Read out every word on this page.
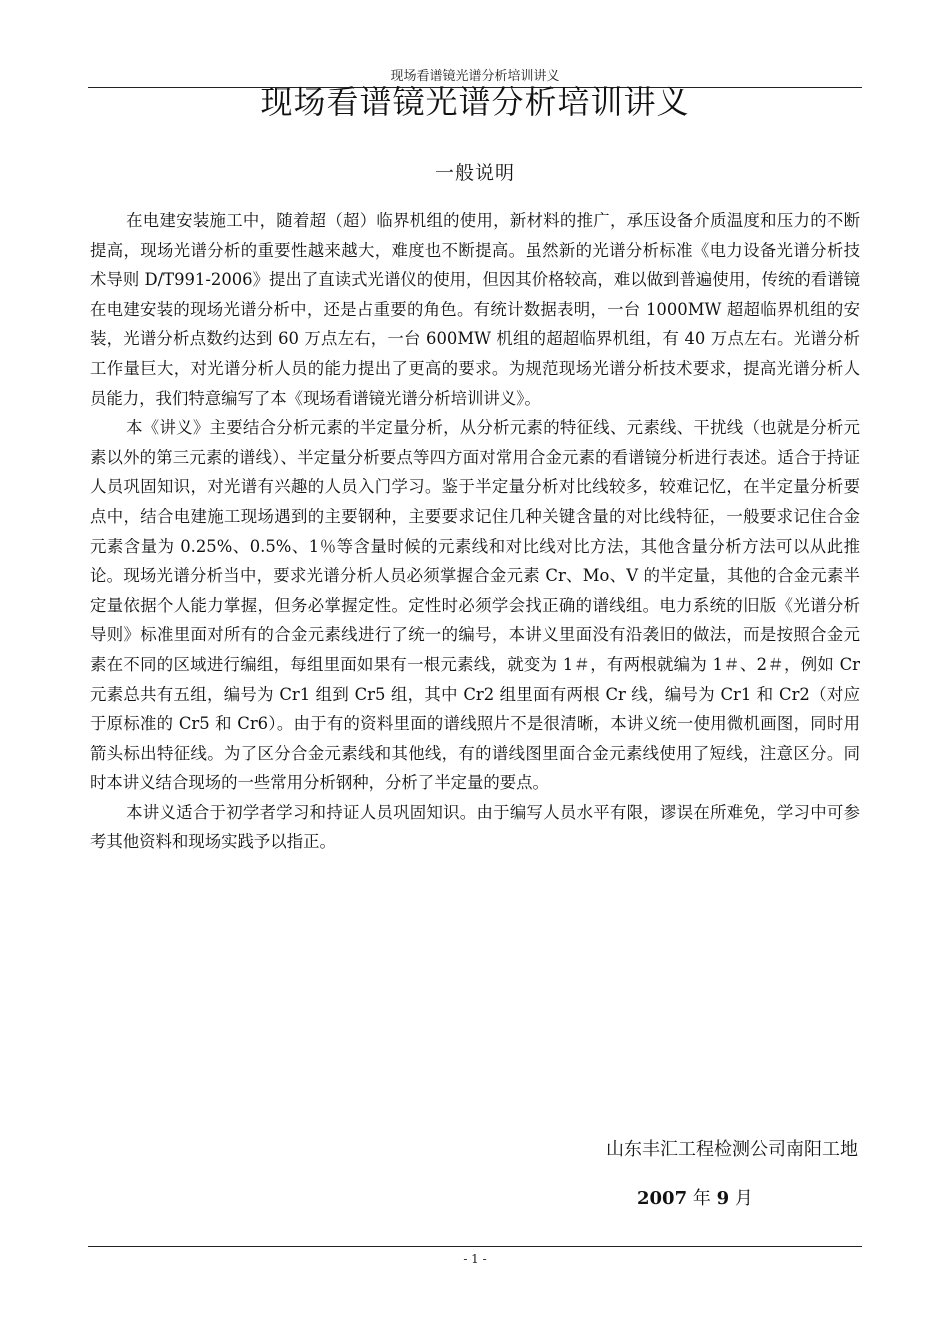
现场看谱镜光谱分析培训讲义
现场看谱镜光谱分析培训讲义
一般说明

在电建安装施工中，随着超（超）临界机组的使用，新材料的推广，承压设备介质温度和压力的不断提高，现场光谱分析的重要性越来越大，难度也不断提高。虽然新的光谱分析标准《电力设备光谱分析技术导则 D/T991-2006》提出了直读式光谱仪的使用，但因其价格较高，难以做到普遍使用，传统的看谱镜在电建安装的现场光谱分析中，还是占重要的角色。有统计数据表明，一台 1000MW 超超临界机组的安装，光谱分析点数约达到 60 万点左右，一台 600MW 机组的超超临界机组，有 40 万点左右。光谱分析工作量巨大，对光谱分析人员的能力提出了更高的要求。为规范现场光谱分析技术要求，提高光谱分析人员能力，我们特意编写了本《现场看谱镜光谱分析培训讲义》。

本《讲义》主要结合分析元素的半定量分析，从分析元素的特征线、元素线、干扰线（也就是分析元素以外的第三元素的谱线）、半定量分析要点等四方面对常用合金元素的看谱镜分析进行表述。适合于持证人员巩固知识，对光谱有兴趣的人员入门学习。鉴于半定量分析对比线较多，较难记忆，在半定量分析要点中，结合电建施工现场遇到的主要钢种，主要要求记住几种关键含量的对比线特征，一般要求记住合金元素含量为 0.25%、0.5%、1％等含量时候的元素线和对比线对比方法，其他含量分析方法可以从此推论。现场光谱分析当中，要求光谱分析人员必须掌握合金元素 Cr、Mo、V 的半定量，其他的合金元素半定量依据个人能力掌握，但务必掌握定性。定性时必须学会找正确的谱线组。电力系统的旧版《光谱分析导则》标准里面对所有的合金元素线进行了统一的编号，本讲义里面没有沿袭旧的做法，而是按照合金元素在不同的区域进行编组，每组里面如果有一根元素线，就变为 1＃，有两根就编为 1＃、2＃，例如 Cr 元素总共有五组，编号为 Cr1 组到 Cr5 组，其中 Cr2 组里面有两根 Cr 线，编号为 Cr1 和 Cr2（对应于原标准的 Cr5 和 Cr6）。由于有的资料里面的谱线照片不是很清晰，本讲义统一使用微机画图，同时用箭头标出特征线。为了区分合金元素线和其他线，有的谱线图里面合金元素线使用了短线，注意区分。同时本讲义结合现场的一些常用分析钢种，分析了半定量的要点。

本讲义适合于初学者学习和持证人员巩固知识。由于编写人员水平有限，谬误在所难免，学习中可参考其他资料和现场实践予以指正。

山东丰汇工程检测公司南阳工地
2007 年 9 月
- 1 -
